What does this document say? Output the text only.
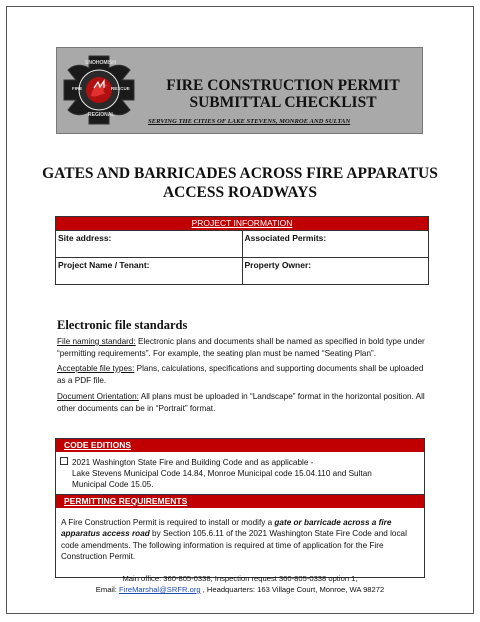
SNOHOMISH
REGIONAL
FIRE	RESCUE	FIRE CONSTRUCTION PERMIT
SUBMITTAL CHECKLIST
SERVING THE CITIES OF LAKE STEVENS, MONROE AND SULTAN
GATES AND BARRICADES ACROSS FIRE APPARATUS
ACCESS ROADWAYS
PROJECT INFORMATION
Site address:	Associated Permits:
Project Name / Tenant:	Property Owner:
Electronic file standards
File naming standard: Electronic plans and documents shall be named as specified in bold type under “permitting requirements”. For example, the seating plan must be named “Seating Plan”.
Acceptable file types: Plans, calculations, specifications and supporting documents shall be uploaded as a PDF file.
Document Orientation: All plans must be uploaded in “Landscape” format in the horizontal position. All other documents can be in “Portrait” format.
CODE EDITIONS
2021 Washington State Fire and Building Code and as applicable -
Lake Stevens Municipal Code 14.84, Monroe Municipal code 15.04.110 and Sultan
Municipal Code 15.05.
PERMITTING REQUIREMENTS
A Fire Construction Permit is required to install or modify a gate or barricade across a fire apparatus access road by Section 105.6.11 of the 2021 Washington State Fire Code and local code amendments. The following information is required at time of application for the Fire Construction Permit.
Main office: 360-805-0338, Inspection request 360-805-0338 option 1,
Email: FireMarshal@SRFR.org , Headquarters: 163 Village Court, Monroe, WA 98272
